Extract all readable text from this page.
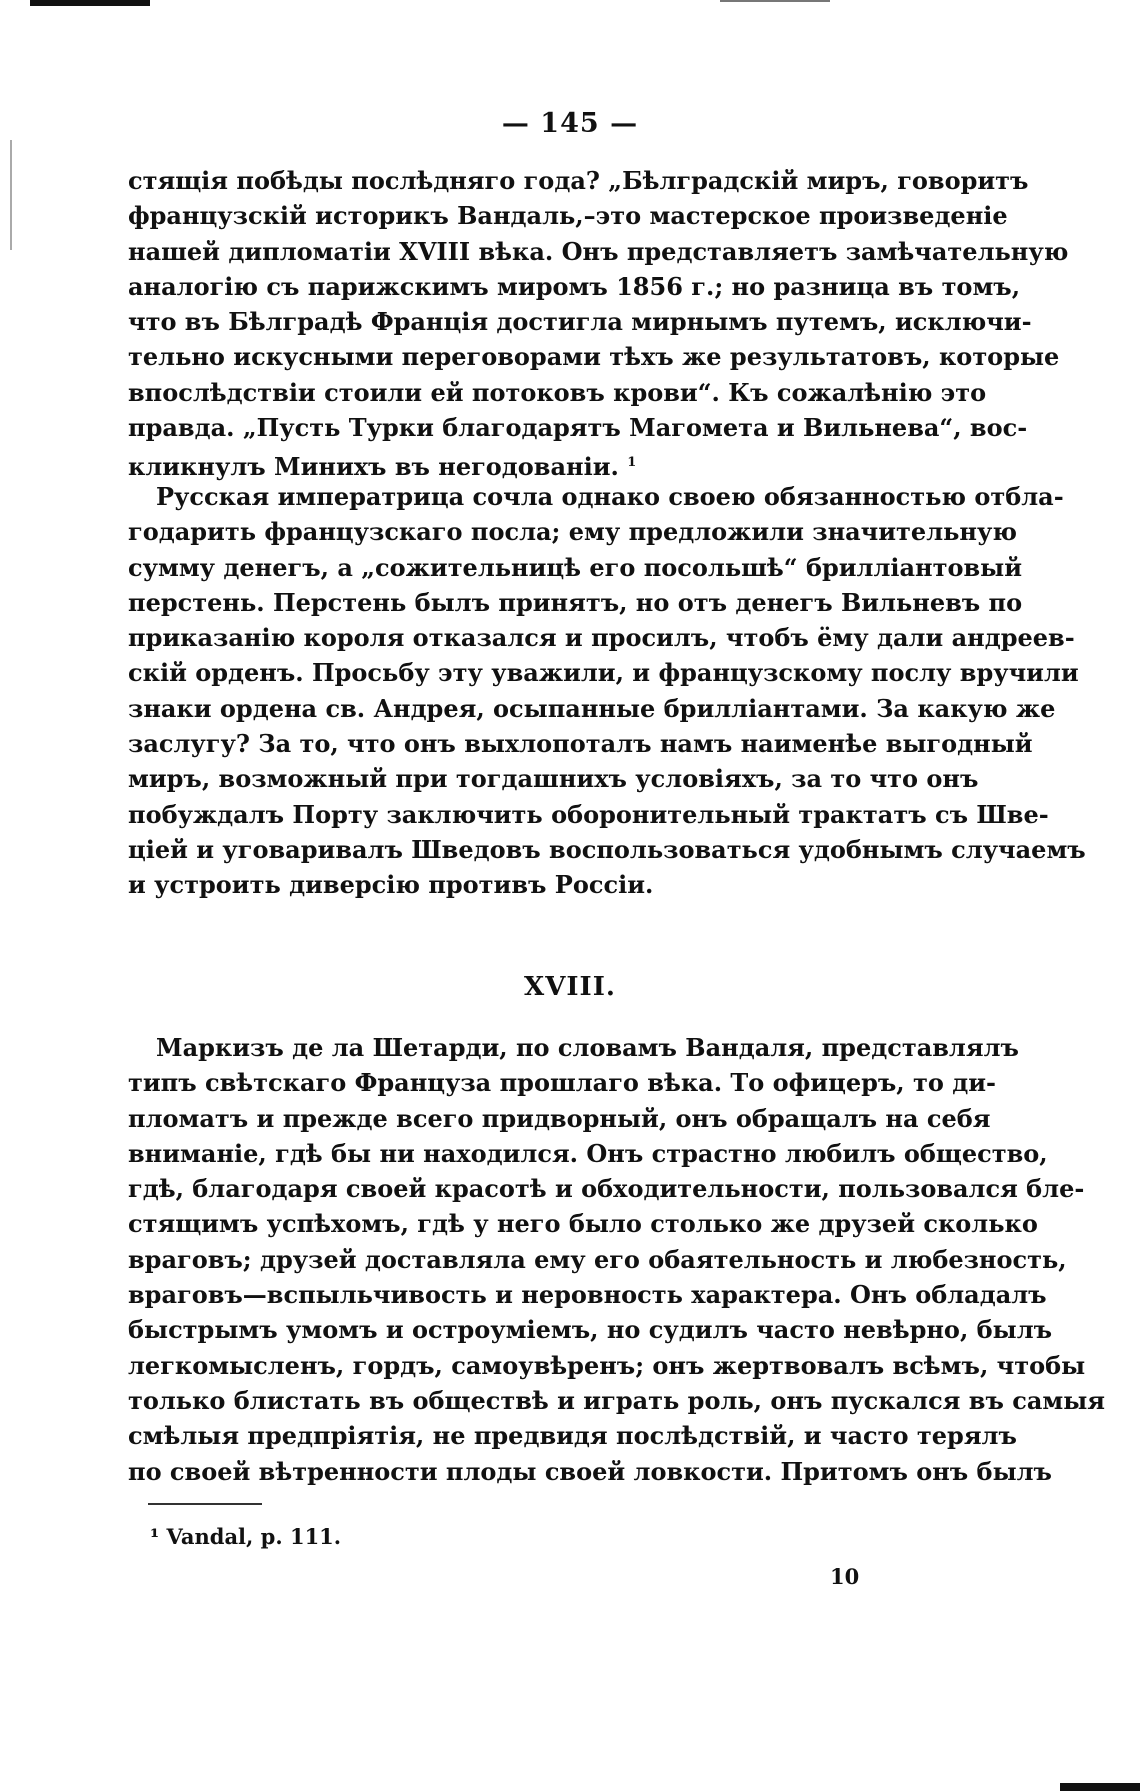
— 145 —
стящія побѣды послѣдняго года? „Бѣлградскій миръ, говоритъ
французскій историкъ Вандаль,–это мастерское произведеніе
нашей дипломатіи XVIII вѣка. Онъ представляетъ замѣчательную
аналогію съ парижскимъ миромъ 1856 г.; но разница въ томъ,
что въ Бѣлградѣ Франція достигла мирнымъ путемъ, исключи-
тельно искусными переговорами тѣхъ же результатовъ, которые
впослѣдствіи стоили ей потоковъ крови“. Къ сожалѣнію это
правда. „Пусть Турки благодарятъ Магомета и Вильнева“, вос-
кликнулъ Минихъ въ негодованіи. $^1$
Русская императрица сочла однако своею обязанностью отбла-
годарить французскаго посла; ему предложили значительную
сумму денегъ, а „сожительницѣ его посольшѣ“ брилліантовый
перстень. Перстень былъ принятъ, но отъ денегъ Вильневъ по
приказанію короля отказался и просилъ, чтобъ ёму дали андреев-
скій орденъ. Просьбу эту уважили, и французскому послу вручили
знаки ордена св. Андрея, осыпанные брилліантами. За какую же
заслугу? За то, что онъ выхлопоталъ намъ наименѣе выгодный
миръ, возможный при тогдашнихъ условіяхъ, за то что онъ
побуждалъ Порту заключить оборонительный трактатъ съ Шве-
ціей и уговаривалъ Шведовъ воспользоваться удобнымъ случаемъ
и устроить диверсію противъ Россіи.
XVIII.
Маркизъ де ла Шетарди, по словамъ Вандаля, представлялъ
типъ свѣтскаго Француза прошлаго вѣка. То офицеръ, то ди-
пломатъ и прежде всего придворный, онъ обращалъ на себя
вниманіе, гдѣ бы ни находился. Онъ страстно любилъ общество,
гдѣ, благодаря своей красотѣ и обходительности, пользовался бле-
стящимъ успѣхомъ, гдѣ у него было столько же друзей сколько
враговъ; друзей доставляла ему его обаятельность и любезность,
враговъ—вспыльчивость и неровность характера. Онъ обладалъ
быстрымъ умомъ и остроуміемъ, но судилъ часто невѣрно, былъ
легкомысленъ, гордъ, самоувѣренъ; онъ жертвовалъ всѣмъ, чтобы
только блистать въ обществѣ и играть роль, онъ пускался въ самыя
смѣлыя предпріятія, не предвидя послѣдствій, и часто терялъ
по своей вѣтренности плоды своей ловкости. Притомъ онъ былъ
¹ Vandal, p. 111.
10
